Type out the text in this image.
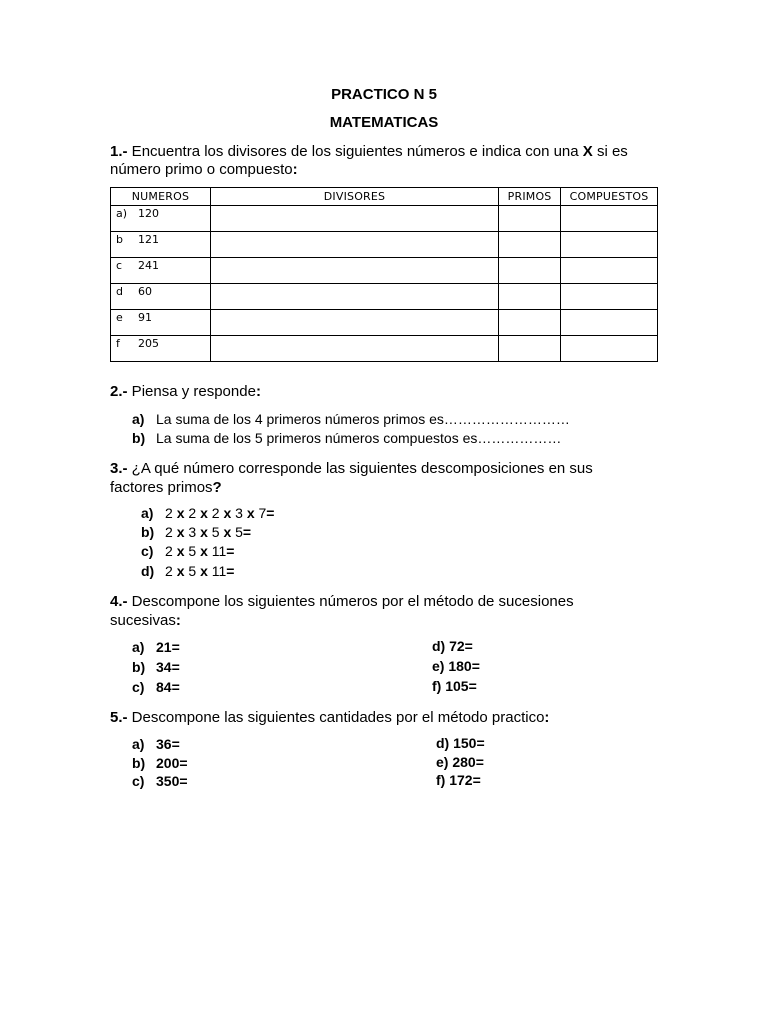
PRACTICO N 5
MATEMATICAS
1.- Encuentra los divisores de los siguientes números e indica con una X si es
número primo o compuesto:
NUMEROS	DIVISORES	PRIMOS	COMPUESTOS
a) 120			
b 121			
c 241			
d 60			
e 91			
f 205			
2.- Piensa y responde:
a) La suma de los 4 primeros números primos es………………………
b) La suma de los 5 primeros números compuestos es………………
3.- ¿A qué número corresponde las siguientes descomposiciones en sus
factores primos?
a) 2 x 2 x 2 x 3 x 7=
b) 2 x 3 x 5 x 5=
c) 2 x 5 x 11=
d) 2 x 5 x 11=
4.- Descompone los siguientes números por el método de sucesiones
sucesivas:
a) 21=
b) 34=
c) 84=
d) 72=
e) 180=
f) 105=
5.- Descompone las siguientes cantidades por el método practico:
a) 36=
b) 200=
c) 350=
d) 150=
e) 280=
f) 172=
